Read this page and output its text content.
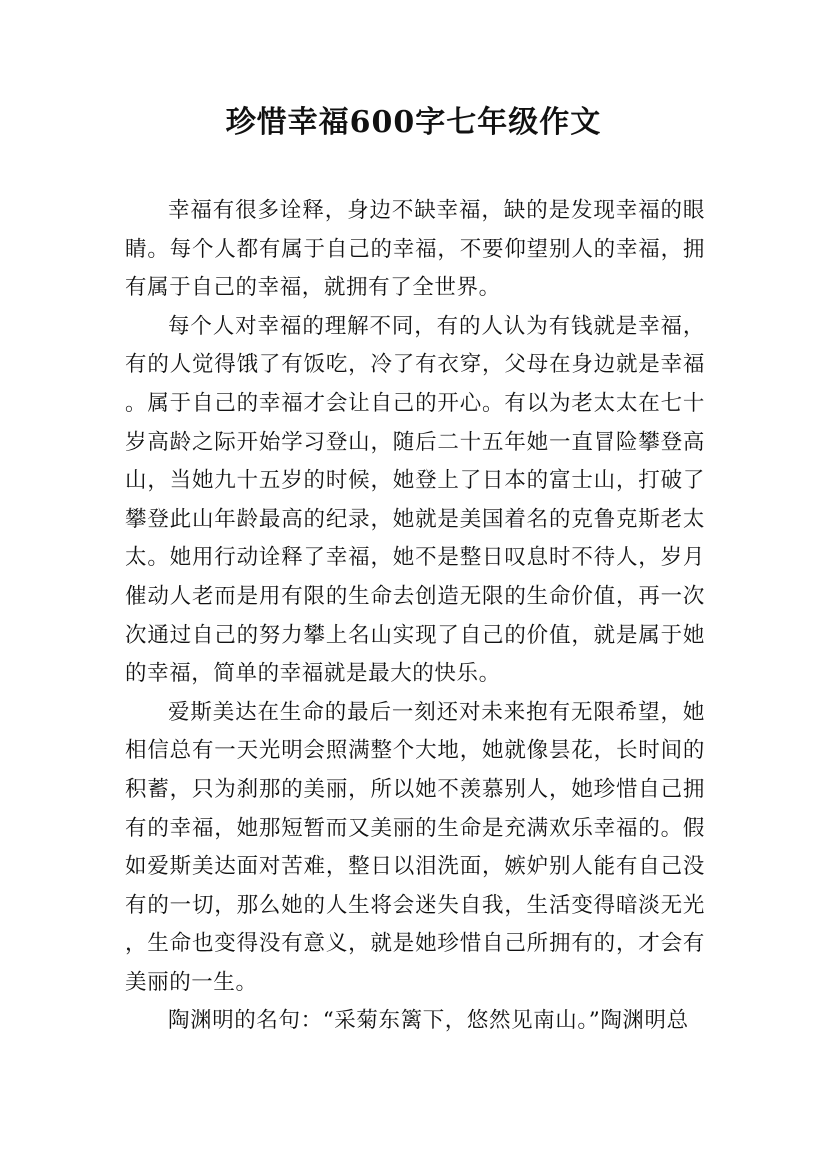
珍惜幸福600字七年级作文

幸福有很多诠释，身边不缺幸福，缺的是发现幸福的眼睛。每个人都有属于自己的幸福，不要仰望别人的幸福，拥有属于自己的幸福，就拥有了全世界。

每个人对幸福的理解不同，有的人认为有钱就是幸福，有的人觉得饿了有饭吃，冷了有衣穿，父母在身边就是幸福。属于自己的幸福才会让自己的开心。有以为老太太在七十岁高龄之际开始学习登山，随后二十五年她一直冒险攀登高山，当她九十五岁的时候，她登上了日本的富士山，打破了攀登此山年龄最高的纪录，她就是美国着名的克鲁克斯老太太。她用行动诠释了幸福，她不是整日叹息时不待人，岁月催动人老而是用有限的生命去创造无限的生命价值，再一次次通过自己的努力攀上名山实现了自己的价值，就是属于她的幸福，简单的幸福就是最大的快乐。

爱斯美达在生命的最后一刻还对未来抱有无限希望，她相信总有一天光明会照满整个大地，她就像昙花，长时间的积蓄，只为刹那的美丽，所以她不羡慕别人，她珍惜自己拥有的幸福，她那短暂而又美丽的生命是充满欢乐幸福的。假如爱斯美达面对苦难，整日以泪洗面，嫉妒别人能有自己没有的一切，那么她的人生将会迷失自我，生活变得暗淡无光，生命也变得没有意义，就是她珍惜自己所拥有的，才会有美丽的一生。

陶渊明的名句：“采菊东篱下，悠然见南山。”陶渊明总
